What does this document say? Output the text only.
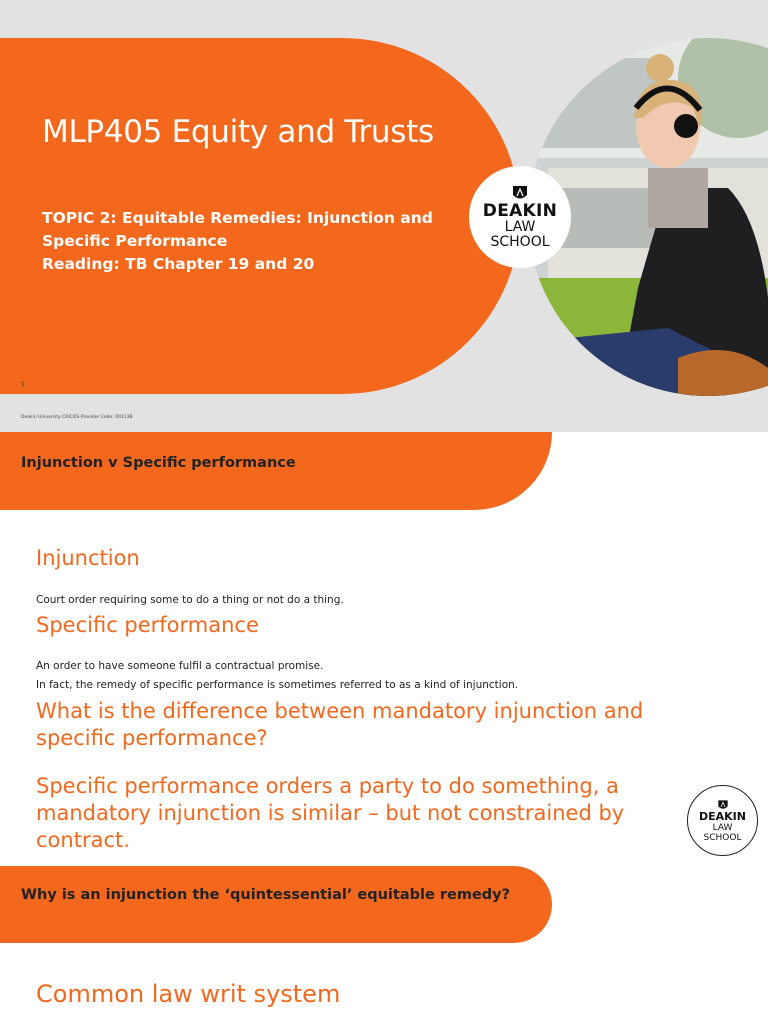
MLP405 Equity and Trusts
TOPIC 2: Equitable Remedies: Injunction and
Specific Performance
Reading: TB Chapter 19 and 20
1
Deakin University CRICOS Provider Code: 00113B
DEAKIN
LAW
SCHOOL
Injunction v Specific performance
Injunction
Court order requiring some to do a thing or not do a thing.
Specific performance
An order to have someone fulfil a contractual promise.
In fact, the remedy of specific performance is sometimes referred to as a kind of injunction.
What is the difference between mandatory injunction and
specific performance?
Specific performance orders a party to do something, a
mandatory injunction is similar – but not constrained by
contract.
DEAKIN
LAW
SCHOOL
Why is an injunction the ‘quintessential’ equitable remedy?
Common law writ system
